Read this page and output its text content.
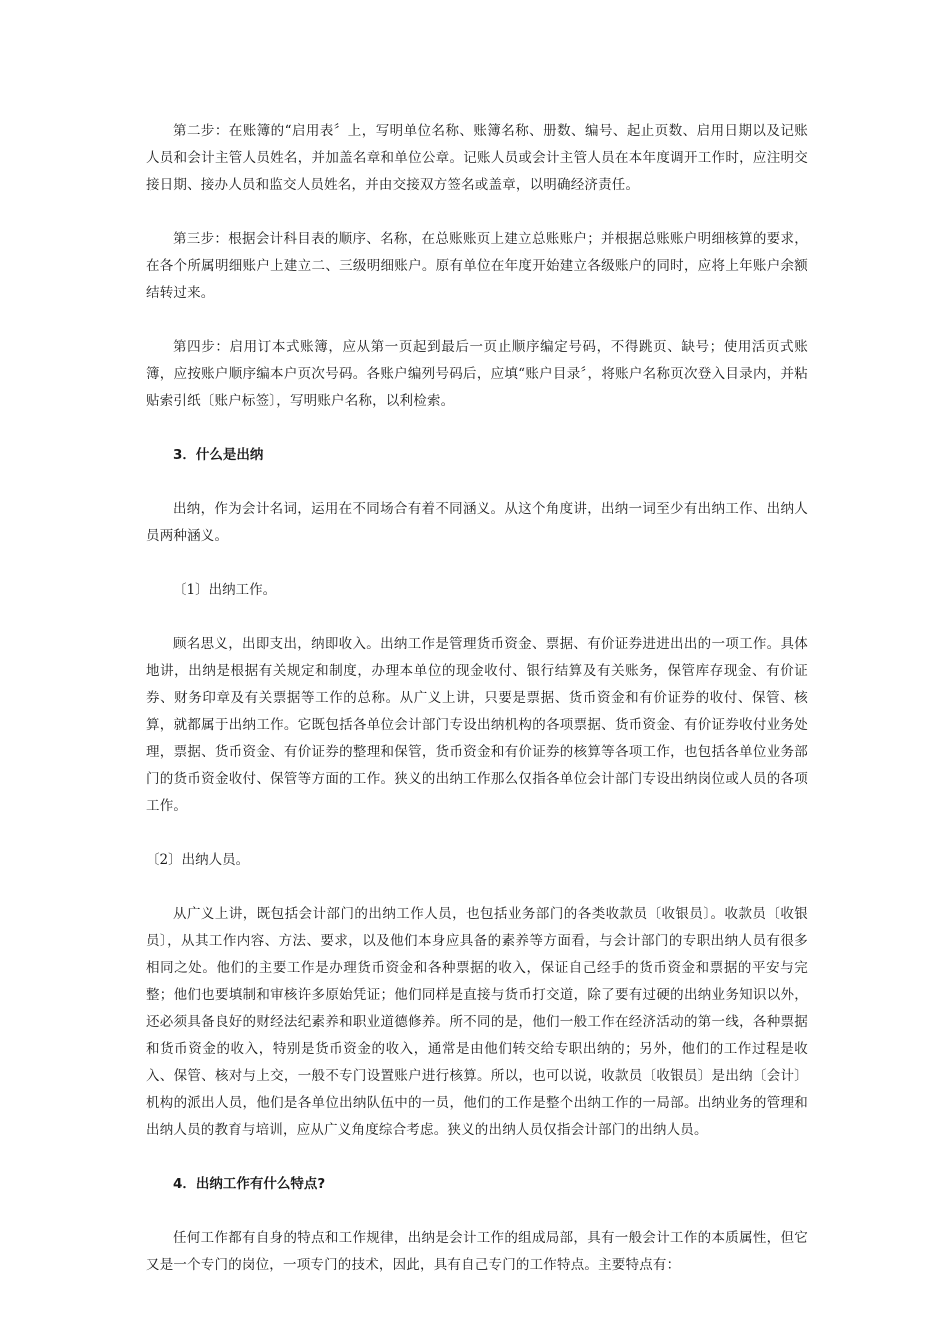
第二步：在账簿的“启用表〞上，写明单位名称、账簿名称、册数、编号、起止页数、启用日期以及记账人员和会计主管人员姓名，并加盖名章和单位公章。记账人员或会计主管人员在本年度调开工作时，应注明交接日期、接办人员和监交人员姓名，并由交接双方签名或盖章，以明确经济责任。

第三步：根据会计科目表的顺序、名称，在总账账页上建立总账账户；并根据总账账户明细核算的要求，在各个所属明细账户上建立二、三级明细账户。原有单位在年度开始建立各级账户的同时，应将上年账户余额结转过来。

第四步：启用订本式账簿，应从第一页起到最后一页止顺序编定号码，不得跳页、缺号；使用活页式账簿，应按账户顺序编本户页次号码。各账户编列号码后，应填“账户目录〞，将账户名称页次登入目录内，并粘贴索引纸〔账户标签〕，写明账户名称，以利检索。

3．什么是出纳

出纳，作为会计名词，运用在不同场合有着不同涵义。从这个角度讲，出纳一词至少有出纳工作、出纳人员两种涵义。

〔1〕出纳工作。

顾名思义，出即支出，纳即收入。出纳工作是管理货币资金、票据、有价证券进进出出的一项工作。具体地讲，出纳是根据有关规定和制度，办理本单位的现金收付、银行结算及有关账务，保管库存现金、有价证券、财务印章及有关票据等工作的总称。从广义上讲，只要是票据、货币资金和有价证券的收付、保管、核算，就都属于出纳工作。它既包括各单位会计部门专设出纳机构的各项票据、货币资金、有价证券收付业务处理，票据、货币资金、有价证券的整理和保管，货币资金和有价证券的核算等各项工作，也包括各单位业务部门的货币资金收付、保管等方面的工作。狭义的出纳工作那么仅指各单位会计部门专设出纳岗位或人员的各项工作。

〔2〕出纳人员。

从广义上讲，既包括会计部门的出纳工作人员，也包括业务部门的各类收款员〔收银员〕。收款员〔收银员〕，从其工作内容、方法、要求，以及他们本身应具备的素养等方面看，与会计部门的专职出纳人员有很多相同之处。他们的主要工作是办理货币资金和各种票据的收入，保证自己经手的货币资金和票据的平安与完整；他们也要填制和审核许多原始凭证；他们同样是直接与货币打交道，除了要有过硬的出纳业务知识以外，还必须具备良好的财经法纪素养和职业道德修养。所不同的是，他们一般工作在经济活动的第一线，各种票据和货币资金的收入，特别是货币资金的收入，通常是由他们转交给专职出纳的；另外，他们的工作过程是收入、保管、核对与上交，一般不专门设置账户进行核算。所以，也可以说，收款员〔收银员〕是出纳〔会计〕机构的派出人员，他们是各单位出纳队伍中的一员，他们的工作是整个出纳工作的一局部。出纳业务的管理和出纳人员的教育与培训，应从广义角度综合考虑。狭义的出纳人员仅指会计部门的出纳人员。

4．出纳工作有什么特点?

任何工作都有自身的特点和工作规律，出纳是会计工作的组成局部，具有一般会计工作的本质属性，但它又是一个专门的岗位，一项专门的技术，因此，具有自己专门的工作特点。主要特点有：
